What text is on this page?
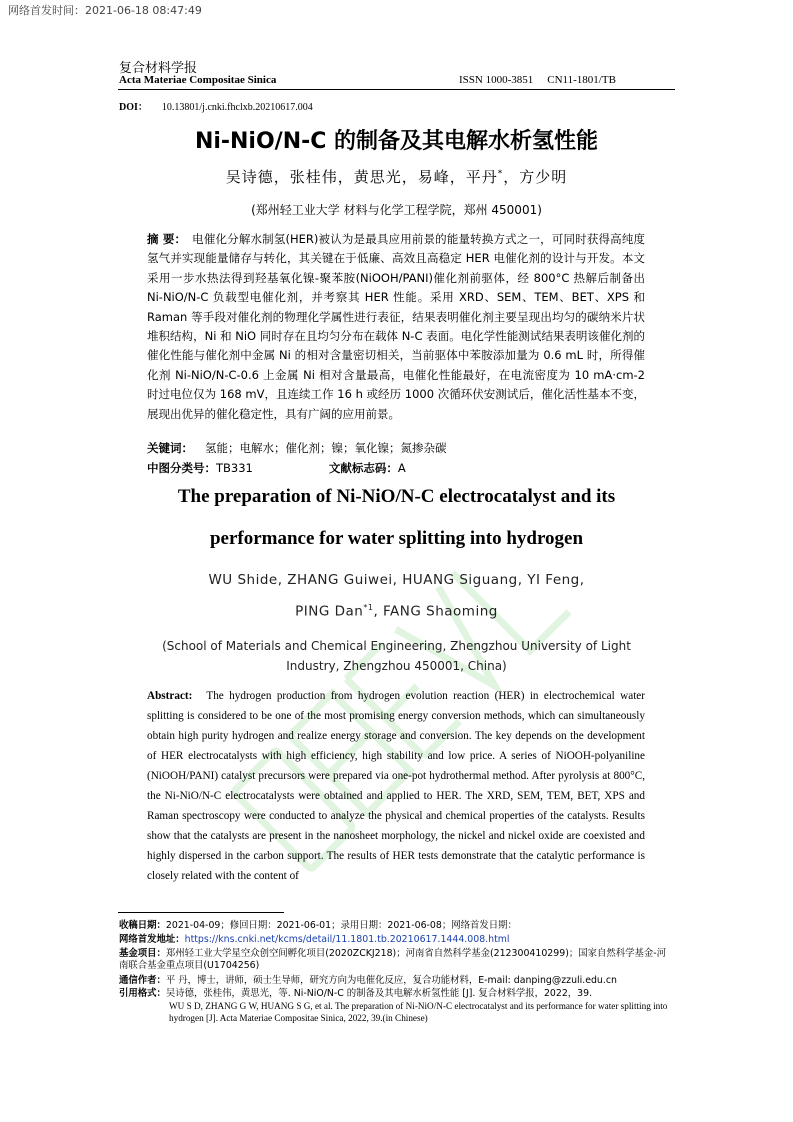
网络首发时间：2021-06-18 08:47:49
复合材料学报
Acta Materiae Compositae Sinica	ISSN 1000-3851 CN11-1801/TB
DOI： 10.13801/j.cnki.fhclxb.20210617.004
Ni-NiO/N-C 的制备及其电解水析氢性能
吴诗德，张桂伟，黄思光，易峰，平丹*，方少明
(郑州轻工业大学 材料与化学工程学院，郑州 450001)
摘 要： 电催化分解水制氢(HER)被认为是最具应用前景的能量转换方式之一，可同时获得高纯度氢气并实现能量储存与转化，其关键在于低廉、高效且高稳定 HER 电催化剂的设计与开发。本文采用一步水热法得到羟基氧化镍-聚苯胺(NiOOH/PANI)催化剂前驱体，经 800°C 热解后制备出 Ni-NiO/N-C 负载型电催化剂，并考察其 HER 性能。采用 XRD、SEM、TEM、BET、XPS 和 Raman 等手段对催化剂的物理化学属性进行表征，结果表明催化剂主要呈现出均匀的碳纳米片状堆积结构，Ni 和 NiO 同时存在且均匀分布在载体 N-C 表面。电化学性能测试结果表明该催化剂的催化性能与催化剂中金属 Ni 的相对含量密切相关，当前驱体中苯胺添加量为 0.6 mL 时，所得催化剂 Ni-NiO/N-C-0.6 上金属 Ni 相对含量最高，电催化性能最好，在电流密度为 10 mA·cm-2 时过电位仅为 168 mV，且连续工作 16 h 或经历 1000 次循环伏安测试后，催化活性基本不变，展现出优异的催化稳定性，具有广阔的应用前景。
关键词： 氢能；电解水；催化剂；镍；氧化镍；氮掺杂碳
中图分类号：TB331	文献标志码：A
The preparation of Ni-NiO/N-C electrocatalyst and its
performance for water splitting into hydrogen
WU Shide, ZHANG Guiwei, HUANG Siguang, YI Feng,
PING Dan$^{*1}$, FANG Shaoming
(School of Materials and Chemical Engineering, Zhengzhou University of Light Industry, Zhengzhou 450001, China)
Abstract: The hydrogen production from hydrogen evolution reaction (HER) in electrochemical water splitting is considered to be one of the most promising energy conversion methods, which can simultaneously obtain high purity hydrogen and realize energy storage and conversion. The key depends on the development of HER electrocatalysts with high efficiency, high stability and low price. A series of NiOOH-polyaniline (NiOOH/PANI) catalyst precursors were prepared via one-pot hydrothermal method. After pyrolysis at 800°C, the Ni-NiO/N-C electrocatalysts were obtained and applied to HER. The XRD, SEM, TEM, BET, XPS and Raman spectroscopy were conducted to analyze the physical and chemical properties of the catalysts. Results show that the catalysts are present in the nanosheet morphology, the nickel and nickel oxide are coexisted and highly dispersed in the carbon support. The results of HER tests demonstrate that the catalytic performance is closely related with the content of
收稿日期：2021-04-09；修回日期：2021-06-01；录用日期：2021-06-08；网络首发日期：
网络首发地址：https://kns.cnki.net/kcms/detail/11.1801.tb.20210617.1444.008.html
基金项目：郑州轻工业大学星空众创空间孵化项目(2020ZCKJ218)；河南省自然科学基金(212300410299)；国家自然科学基金-河南联合基金重点项目(U1704256)
通信作者：平 丹，博士，讲师，硕士生导师，研究方向为电催化反应，复合功能材料，E-mail: danping@zzuli.edu.cn
引用格式：吴诗德，张桂伟，黄思光，等. Ni-NiO/N-C 的制备及其电解水析氢性能 [J]. 复合材料学报，2022，39.
WU S D, ZHANG G W, HUANG S G, et al. The preparation of Ni-NiO/N-C electrocatalyst and its performance for water splitting into hydrogen [J]. Acta Materiae Compositae Sinica, 2022, 39.(in Chinese)
